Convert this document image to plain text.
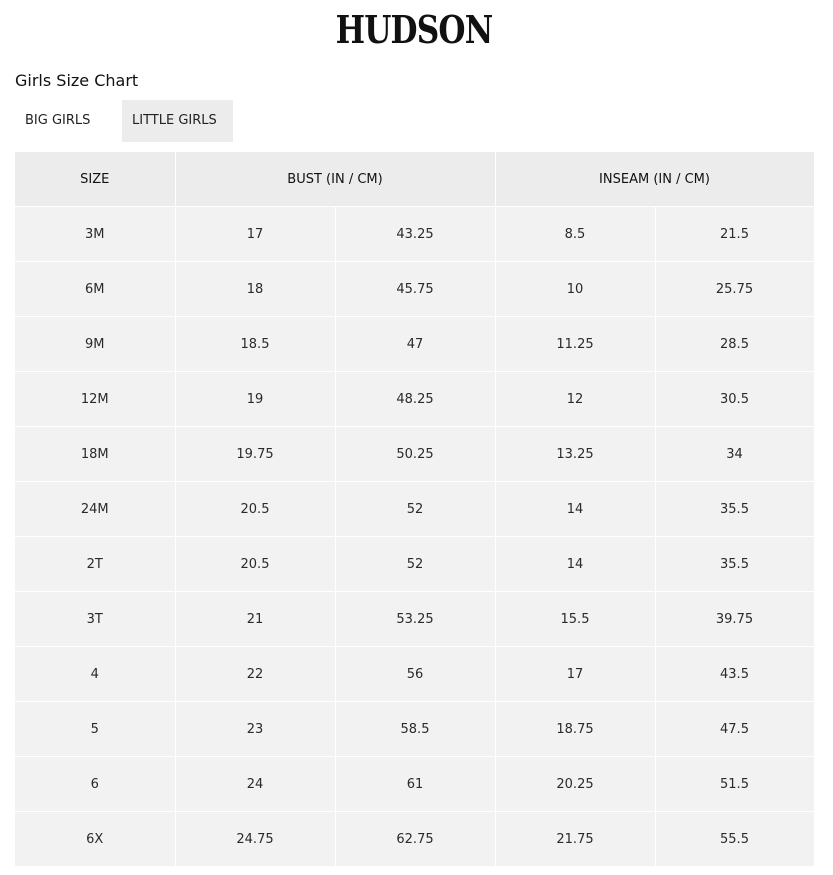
HUDSON
Girls Size Chart
BIG GIRLS	LITTLE GIRLS
SIZE	BUST (IN / CM)		INSEAM (IN / CM)	
3M	17	43.25	8.5	21.5
6M	18	45.75	10	25.75
9M	18.5	47	11.25	28.5
12M	19	48.25	12	30.5
18M	19.75	50.25	13.25	34
24M	20.5	52	14	35.5
2T	20.5	52	14	35.5
3T	21	53.25	15.5	39.75
4	22	56	17	43.5
5	23	58.5	18.75	47.5
6	24	61	20.25	51.5
6X	24.75	62.75	21.75	55.5
